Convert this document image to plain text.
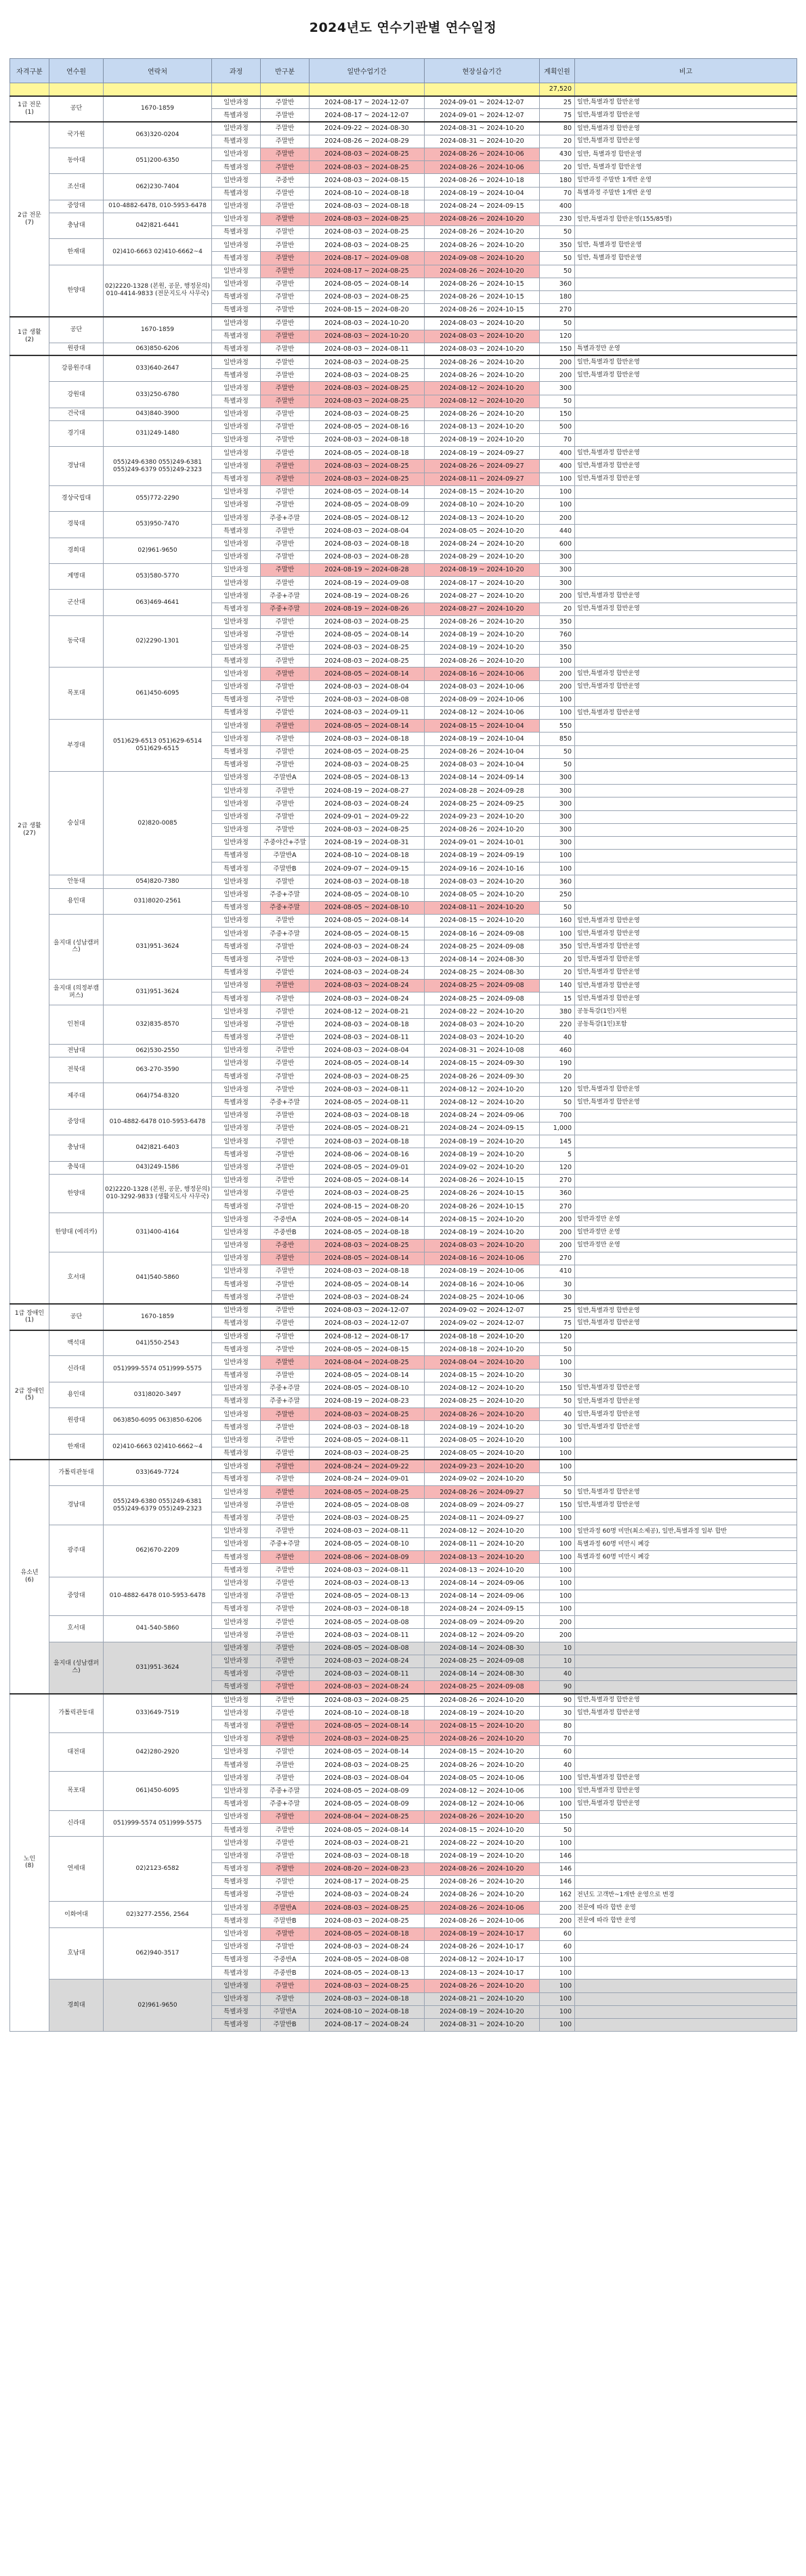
2024년도 연수기관별 연수일정
자격구분	연수원	연락처	과정	반구분	일반수업기간	현장실습기간	계획인원	비고
							27,520	

1급 전문
(1)	공단	1670-1859	일반과정	주말반	2024-08-17 ~ 2024-12-07	2024-09-01 ~ 2024-12-07	25	일반,특별과정 합반운영
			특별과정	주말반	2024-08-17 ~ 2024-12-07	2024-09-01 ~ 2024-12-07	75	일반,특별과정 합반운영

2급 전문
(7)	국가원	063)320-0204	일반과정	주말반	2024-09-22 ~ 2024-08-30	2024-08-31 ~ 2024-10-20	80	일반,특별과정 합반운영
			특별과정	주말반	2024-08-26 ~ 2024-08-29	2024-08-31 ~ 2024-10-20	20	일반,특별과정 합반운영
	동아대	051)200-6350	일반과정	주말반	2024-08-03 ~ 2024-08-25	2024-08-26 ~ 2024-10-06	430	일반, 특별과정 합반운영
			특별과정	주말반	2024-08-03 ~ 2024-08-25	2024-08-26 ~ 2024-10-06	20	일반, 특별과정 합반운영
	조선대	062)230-7404	일반과정	주중반	2024-08-03 ~ 2024-08-15	2024-08-26 ~ 2024-10-18	180	일반과정 주말반 1개반 운영
			특별과정	주말반	2024-08-10 ~ 2024-08-18	2024-08-19 ~ 2024-10-04	70	특별과정 주말반 1개반 운영
	중앙대	010-4882-6478, 010-5953-6478	일반과정	주말반	2024-08-03 ~ 2024-08-18	2024-08-24 ~ 2024-09-15	400	
	충남대	042)821-6441	일반과정	주말반	2024-08-03 ~ 2024-08-25	2024-08-26 ~ 2024-10-20	230	일반,특별과정 합반운영(155/85명)
			특별과정	주말반	2024-08-03 ~ 2024-08-25	2024-08-26 ~ 2024-10-20	50	
	한재대	02)410-6663 02)410-6662~4	일반과정	주말반	2024-08-03 ~ 2024-08-25	2024-08-26 ~ 2024-10-20	350	일반, 특별과정 합반운영
			특별과정	주말반	2024-08-17 ~ 2024-09-08	2024-09-08 ~ 2024-10-20	50	일반, 특별과정 합반운영
	한양대	02)2220-1328 (본원, 공문, 행정문의) 010-4414-9833 (전문지도사 사무국)	일반과정	주말반	2024-08-17 ~ 2024-08-25	2024-08-26 ~ 2024-10-20	50	
			일반과정	주말반	2024-08-05 ~ 2024-08-14	2024-08-26 ~ 2024-10-15	360	
			특별과정	주말반	2024-08-03 ~ 2024-08-25	2024-08-26 ~ 2024-10-15	180	
			특별과정	주말반	2024-08-15 ~ 2024-08-20	2024-08-26 ~ 2024-10-15	270	

1급 생활
(2)	공단	1670-1859	일반과정	주말반	2024-08-03 ~ 2024-10-20	2024-08-03 ~ 2024-10-20	50	
			특별과정	주말반	2024-08-03 ~ 2024-10-20	2024-08-03 ~ 2024-10-20	120	
	원광대	063)850-6206	특별과정	주말반	2024-08-03 ~ 2024-08-11	2024-08-03 ~ 2024-10-20	150	특별과정만 운영

2급 생활
(27)	강릉원주대	033)640-2647	일반과정	주말반	2024-08-03 ~ 2024-08-25	2024-08-26 ~ 2024-10-20	200	일반,특별과정 합반운영
			특별과정	주말반	2024-08-03 ~ 2024-08-25	2024-08-26 ~ 2024-10-20	200	일반,특별과정 합반운영
	강원대	033)250-6780	일반과정	주말반	2024-08-03 ~ 2024-08-25	2024-08-12 ~ 2024-10-20	300	
			특별과정	주말반	2024-08-03 ~ 2024-08-25	2024-08-12 ~ 2024-10-20	50	
	건국대	043)840-3900	일반과정	주말반	2024-08-03 ~ 2024-08-25	2024-08-26 ~ 2024-10-20	150	
	경기대	031)249-1480	일반과정	주말반	2024-08-05 ~ 2024-08-16	2024-08-13 ~ 2024-10-20	500	
			일반과정	주말반	2024-08-03 ~ 2024-08-18	2024-08-19 ~ 2024-10-20	70	
	경남대	055)249-6380 055)249-6381 055)249-6379 055)249-2323	일반과정	주말반	2024-08-05 ~ 2024-08-18	2024-08-19 ~ 2024-09-27	400	일반,특별과정 합반운영
			일반과정	주말반	2024-08-03 ~ 2024-08-25	2024-08-26 ~ 2024-09-27	400	일반,특별과정 합반운영
			특별과정	주말반	2024-08-03 ~ 2024-08-25	2024-08-11 ~ 2024-09-27	100	일반,특별과정 합반운영
	경상국립대	055)772-2290	일반과정	주말반	2024-08-05 ~ 2024-08-14	2024-08-15 ~ 2024-10-20	100	
			일반과정	주말반	2024-08-05 ~ 2024-08-09	2024-08-10 ~ 2024-10-20	100	
	경북대	053)950-7470	일반과정	주중+주말	2024-08-05 ~ 2024-08-12	2024-08-13 ~ 2024-10-20	200	
			특별과정	주말반	2024-08-03 ~ 2024-08-04	2024-08-05 ~ 2024-10-20	440	
	경희대	02)961-9650	일반과정	주말반	2024-08-03 ~ 2024-08-18	2024-08-24 ~ 2024-10-20	600	
			일반과정	주말반	2024-08-03 ~ 2024-08-28	2024-08-29 ~ 2024-10-20	300	
	계명대	053)580-5770	일반과정	주말반	2024-08-19 ~ 2024-08-28	2024-08-19 ~ 2024-10-20	300	
			일반과정	주말반	2024-08-19 ~ 2024-09-08	2024-08-17 ~ 2024-10-20	300	
	군산대	063)469-4641	일반과정	주중+주말	2024-08-19 ~ 2024-08-26	2024-08-27 ~ 2024-10-20	200	일반,특별과정 합반운영
			특별과정	주중+주말	2024-08-19 ~ 2024-08-26	2024-08-27 ~ 2024-10-20	20	일반,특별과정 합반운영
	동국대	02)2290-1301	일반과정	주말반	2024-08-03 ~ 2024-08-25	2024-08-26 ~ 2024-10-20	350	
			일반과정	주말반	2024-08-05 ~ 2024-08-14	2024-08-19 ~ 2024-10-20	760	
			일반과정	주말반	2024-08-03 ~ 2024-08-25	2024-08-19 ~ 2024-10-20	350	
			특별과정	주말반	2024-08-03 ~ 2024-08-25	2024-08-26 ~ 2024-10-20	100	
	목포대	061)450-6095	일반과정	주말반	2024-08-05 ~ 2024-08-14	2024-08-16 ~ 2024-10-06	200	일반,특별과정 합반운영
			일반과정	주말반	2024-08-03 ~ 2024-08-04	2024-08-03 ~ 2024-10-06	200	일반,특별과정 합반운영
			특별과정	주말반	2024-08-03 ~ 2024-08-08	2024-08-09 ~ 2024-10-06	100	
			특별과정	주말반	2024-08-03 ~ 2024-09-11	2024-08-12 ~ 2024-10-06	100	일반,특별과정 합반운영
	부경대	051)629-6513 051)629-6514 051)629-6515	일반과정	주말반	2024-08-05 ~ 2024-08-14	2024-08-15 ~ 2024-10-04	550	
			일반과정	주말반	2024-08-03 ~ 2024-08-18	2024-08-19 ~ 2024-10-04	850	
			특별과정	주말반	2024-08-05 ~ 2024-08-25	2024-08-26 ~ 2024-10-04	50	
			특별과정	주말반	2024-08-03 ~ 2024-08-25	2024-08-03 ~ 2024-10-04	50	
	숭실대	02)820-0085	일반과정	주말반A	2024-08-05 ~ 2024-08-13	2024-08-14 ~ 2024-09-14	300	
			일반과정	주말반	2024-08-19 ~ 2024-08-27	2024-08-28 ~ 2024-09-28	300	
			일반과정	주말반	2024-08-03 ~ 2024-08-24	2024-08-25 ~ 2024-09-25	300	
			일반과정	주말반	2024-09-01 ~ 2024-09-22	2024-09-23 ~ 2024-10-20	300	
			일반과정	주말반	2024-08-03 ~ 2024-08-25	2024-08-26 ~ 2024-10-20	300	
			일반과정	주중야간+주말	2024-08-19 ~ 2024-08-31	2024-09-01 ~ 2024-10-01	300	
			특별과정	주말반A	2024-08-10 ~ 2024-08-18	2024-08-19 ~ 2024-09-19	100	
			특별과정	주말반B	2024-09-07 ~ 2024-09-15	2024-09-16 ~ 2024-10-16	100	
	안동대	054)820-7380	일반과정	주말반	2024-08-03 ~ 2024-08-18	2024-08-03 ~ 2024-10-20	360	
	용인대	031)8020-2561	일반과정	주중+주말	2024-08-05 ~ 2024-08-10	2024-08-05 ~ 2024-10-20	250	
			특별과정	주중+주말	2024-08-05 ~ 2024-08-10	2024-08-11 ~ 2024-10-20	50	
	을지대 (성남캠퍼스)	031)951-3624	일반과정	주말반	2024-08-05 ~ 2024-08-14	2024-08-15 ~ 2024-10-20	160	일반,특별과정 합반운영
			일반과정	주중+주말	2024-08-05 ~ 2024-08-15	2024-08-16 ~ 2024-09-08	100	일반,특별과정 합반운영
			특별과정	주말반	2024-08-03 ~ 2024-08-24	2024-08-25 ~ 2024-09-08	350	일반,특별과정 합반운영
			특별과정	주말반	2024-08-03 ~ 2024-08-13	2024-08-14 ~ 2024-08-30	20	일반,특별과정 합반운영
			특별과정	주말반	2024-08-03 ~ 2024-08-24	2024-08-25 ~ 2024-08-30	20	일반,특별과정 합반운영
	을지대 (의정부캠퍼스)	031)951-3624	일반과정	주말반	2024-08-03 ~ 2024-08-24	2024-08-25 ~ 2024-09-08	140	일반,특별과정 합반운영
			특별과정	주말반	2024-08-03 ~ 2024-08-24	2024-08-25 ~ 2024-09-08	15	일반,특별과정 합반운영
	인천대	032)835-8570	일반과정	주말반	2024-08-12 ~ 2024-08-21	2024-08-22 ~ 2024-10-20	380	공동특강(1인)지원
			일반과정	주말반	2024-08-03 ~ 2024-08-18	2024-08-03 ~ 2024-10-20	220	공동특강(1인)포함
			특별과정	주말반	2024-08-03 ~ 2024-08-11	2024-08-03 ~ 2024-10-20	40	
	전남대	062)530-2550	일반과정	주말반	2024-08-03 ~ 2024-08-04	2024-08-31 ~ 2024-10-08	460	
	전북대	063-270-3590	일반과정	주말반	2024-08-05 ~ 2024-08-14	2024-08-15 ~ 2024-09-30	190	
			특별과정	주말반	2024-08-03 ~ 2024-08-25	2024-08-26 ~ 2024-09-30	20	
	제주대	064)754-8320	일반과정	주말반	2024-08-03 ~ 2024-08-11	2024-08-12 ~ 2024-10-20	120	일반,특별과정 합반운영
			특별과정	주중+주말	2024-08-05 ~ 2024-08-11	2024-08-12 ~ 2024-10-20	50	일반,특별과정 합반운영
	중앙대	010-4882-6478 010-5953-6478	일반과정	주말반	2024-08-03 ~ 2024-08-18	2024-08-24 ~ 2024-09-06	700	
			일반과정	주말반	2024-08-05 ~ 2024-08-21	2024-08-24 ~ 2024-09-15	1,000	
	충남대	042)821-6403	일반과정	주말반	2024-08-03 ~ 2024-08-18	2024-08-19 ~ 2024-10-20	145	
			특별과정	주말반	2024-08-06 ~ 2024-08-16	2024-08-19 ~ 2024-10-20	5	
	충북대	043)249-1586	일반과정	주말반	2024-08-05 ~ 2024-09-01	2024-09-02 ~ 2024-10-20	120	
	한양대	02)2220-1328 (본원, 공문, 행정문의) 010-3292-9833 (생활지도사 사무국)	일반과정	주말반	2024-08-05 ~ 2024-08-14	2024-08-26 ~ 2024-10-15	270	
			일반과정	주말반	2024-08-03 ~ 2024-08-25	2024-08-26 ~ 2024-10-15	360	
			특별과정	주말반	2024-08-15 ~ 2024-08-20	2024-08-26 ~ 2024-10-15	270	
	한양대 (에리카)	031)400-4164	일반과정	주중반A	2024-08-05 ~ 2024-08-14	2024-08-15 ~ 2024-10-20	200	일반과정만 운영
			일반과정	주중반B	2024-08-05 ~ 2024-08-18	2024-08-19 ~ 2024-10-20	200	일반과정만 운영
			일반과정	주중반	2024-08-03 ~ 2024-08-25	2024-08-03 ~ 2024-10-20	200	일반과정만 운영
	호서대	041)540-5860	일반과정	주말반	2024-08-05 ~ 2024-08-14	2024-08-16 ~ 2024-10-06	270	
			일반과정	주말반	2024-08-03 ~ 2024-08-18	2024-08-19 ~ 2024-10-06	410	
			특별과정	주말반	2024-08-05 ~ 2024-08-14	2024-08-16 ~ 2024-10-06	30	
			특별과정	주말반	2024-08-03 ~ 2024-08-24	2024-08-25 ~ 2024-10-06	30	

1급 장애인
(1)	공단	1670-1859	일반과정	주말반	2024-08-03 ~ 2024-12-07	2024-09-02 ~ 2024-12-07	25	일반,특별과정 합반운영
			특별과정	주말반	2024-08-03 ~ 2024-12-07	2024-09-02 ~ 2024-12-07	75	일반,특별과정 합반운영

2급 장애인
(5)	백석대	041)550-2543	일반과정	주말반	2024-08-12 ~ 2024-08-17	2024-08-18 ~ 2024-10-20	120	
			특별과정	주말반	2024-08-05 ~ 2024-08-15	2024-08-18 ~ 2024-10-20	50	
	신라대	051)999-5574 051)999-5575	일반과정	주말반	2024-08-04 ~ 2024-08-25	2024-08-04 ~ 2024-10-20	100	
			특별과정	주말반	2024-08-05 ~ 2024-08-14	2024-08-15 ~ 2024-10-20	30	
	용인대	031)8020-3497	일반과정	주중+주말	2024-08-05 ~ 2024-08-10	2024-08-12 ~ 2024-10-20	150	일반,특별과정 합반운영
			특별과정	주중+주말	2024-08-19 ~ 2024-08-23	2024-08-25 ~ 2024-10-20	50	일반,특별과정 합반운영
	원광대	063)850-6095 063)850-6206	일반과정	주말반	2024-08-03 ~ 2024-08-25	2024-08-26 ~ 2024-10-20	40	일반,특별과정 합반운영
			특별과정	주말반	2024-08-03 ~ 2024-08-18	2024-08-19 ~ 2024-10-20	30	일반,특별과정 합반운영
	한재대	02)410-6663 02)410-6662~4	일반과정	주말반	2024-08-05 ~ 2024-08-11	2024-08-05 ~ 2024-10-20	100	
			특별과정	주말반	2024-08-03 ~ 2024-08-25	2024-08-05 ~ 2024-10-20	100	

유소년
(6)	가톨릭관동대	033)649-7724	일반과정	주말반	2024-08-24 ~ 2024-09-22	2024-09-23 ~ 2024-10-20	100	
			특별과정	주말반	2024-08-24 ~ 2024-09-01	2024-09-02 ~ 2024-10-20	50	
	경남대	055)249-6380 055)249-6381 055)249-6379 055)249-2323	일반과정	주말반	2024-08-05 ~ 2024-08-25	2024-08-26 ~ 2024-09-27	50	일반,특별과정 합반운영
			일반과정	주말반	2024-08-05 ~ 2024-08-08	2024-08-09 ~ 2024-09-27	150	일반,특별과정 합반운영
			특별과정	주말반	2024-08-03 ~ 2024-08-25	2024-08-11 ~ 2024-09-27	100	
	광주대	062)670-2209	일반과정	주말반	2024-08-03 ~ 2024-08-11	2024-08-12 ~ 2024-10-20	100	일반과정 60명 미만(최소제공), 일반,특별과정 일부 합반
			일반과정	주중+주말	2024-08-05 ~ 2024-08-10	2024-08-11 ~ 2024-10-20	100	특별과정 60명 미만시 폐강
			특별과정	주말반	2024-08-06 ~ 2024-08-09	2024-08-13 ~ 2024-10-20	100	특별과정 60명 미만시 폐강
			특별과정	주말반	2024-08-03 ~ 2024-08-11	2024-08-13 ~ 2024-10-20	100	
	중앙대	010-4882-6478 010-5953-6478	일반과정	주말반	2024-08-03 ~ 2024-08-13	2024-08-14 ~ 2024-09-06	100	
			일반과정	주말반	2024-08-05 ~ 2024-08-13	2024-08-14 ~ 2024-09-06	100	
			특별과정	주말반	2024-08-03 ~ 2024-08-18	2024-08-24 ~ 2024-09-15	100	
	호서대	041-540-5860	일반과정	주말반	2024-08-05 ~ 2024-08-08	2024-08-09 ~ 2024-09-20	200	
			일반과정	주말반	2024-08-03 ~ 2024-08-11	2024-08-12 ~ 2024-09-20	200	
	을지대 (성남캠퍼스)	031)951-3624	일반과정	주말반	2024-08-05 ~ 2024-08-08	2024-08-14 ~ 2024-08-30	10	
			일반과정	주말반	2024-08-03 ~ 2024-08-24	2024-08-25 ~ 2024-09-08	10	
			특별과정	주말반	2024-08-03 ~ 2024-08-11	2024-08-14 ~ 2024-08-30	40	
			특별과정	주말반	2024-08-03 ~ 2024-08-24	2024-08-25 ~ 2024-09-08	90	

노인
(8)	가톨릭관동대	033)649-7519	일반과정	주말반	2024-08-03 ~ 2024-08-25	2024-08-26 ~ 2024-10-20	90	일반,특별과정 합반운영
			일반과정	주말반	2024-08-10 ~ 2024-08-18	2024-08-19 ~ 2024-10-20	30	일반,특별과정 합반운영
			특별과정	주말반	2024-08-05 ~ 2024-08-14	2024-08-15 ~ 2024-10-20	80	
	대전대	042)280-2920	일반과정	주말반	2024-08-03 ~ 2024-08-25	2024-08-26 ~ 2024-10-20	70	
			일반과정	주말반	2024-08-05 ~ 2024-08-14	2024-08-15 ~ 2024-10-20	60	
			특별과정	주말반	2024-08-03 ~ 2024-08-25	2024-08-26 ~ 2024-10-20	40	
	목포대	061)450-6095	일반과정	주말반	2024-08-03 ~ 2024-08-04	2024-08-05 ~ 2024-10-06	100	일반,특별과정 합반운영
			일반과정	주중+주말	2024-08-05 ~ 2024-08-09	2024-08-12 ~ 2024-10-06	100	일반,특별과정 합반운영
			특별과정	주중+주말	2024-08-05 ~ 2024-08-09	2024-08-12 ~ 2024-10-06	100	일반,특별과정 합반운영
	신라대	051)999-5574 051)999-5575	일반과정	주말반	2024-08-04 ~ 2024-08-25	2024-08-26 ~ 2024-10-20	150	
			특별과정	주말반	2024-08-05 ~ 2024-08-14	2024-08-15 ~ 2024-10-20	50	
	연세대	02)2123-6582	일반과정	주말반	2024-08-03 ~ 2024-08-21	2024-08-22 ~ 2024-10-20	100	
			일반과정	주말반	2024-08-03 ~ 2024-08-18	2024-08-19 ~ 2024-10-20	146	
			특별과정	주말반	2024-08-20 ~ 2024-08-23	2024-08-26 ~ 2024-10-20	146	
			특별과정	주말반	2024-08-17 ~ 2024-08-25	2024-08-26 ~ 2024-10-20	146	
			특별과정	주말반	2024-08-03 ~ 2024-08-24	2024-08-26 ~ 2024-10-20	162	전년도 고객반~1개반 운영으로 변경
	이화여대	02)3277-2556, 2564	일반과정	주말반A	2024-08-03 ~ 2024-08-25	2024-08-26 ~ 2024-10-06	200	전문에 따라 합반 운영
			특별과정	주말반B	2024-08-03 ~ 2024-08-25	2024-08-26 ~ 2024-10-06	200	전문에 따라 합반 운영
	호남대	062)940-3517	일반과정	주말반	2024-08-05 ~ 2024-08-18	2024-08-19 ~ 2024-10-17	60	
			일반과정	주말반	2024-08-03 ~ 2024-08-24	2024-08-26 ~ 2024-10-17	60	
			특별과정	주중반A	2024-08-05 ~ 2024-08-08	2024-08-12 ~ 2024-10-17	100	
			특별과정	주중반B	2024-08-05 ~ 2024-08-13	2024-08-13 ~ 2024-10-17	100	
	경희대	02)961-9650	일반과정	주말반	2024-08-03 ~ 2024-08-25	2024-08-26 ~ 2024-10-20	100	
			일반과정	주말반	2024-08-03 ~ 2024-08-18	2024-08-21 ~ 2024-10-20	100	
			특별과정	주말반A	2024-08-10 ~ 2024-08-18	2024-08-19 ~ 2024-10-20	100	
			특별과정	주말반B	2024-08-17 ~ 2024-08-24	2024-08-31 ~ 2024-10-20	100	
